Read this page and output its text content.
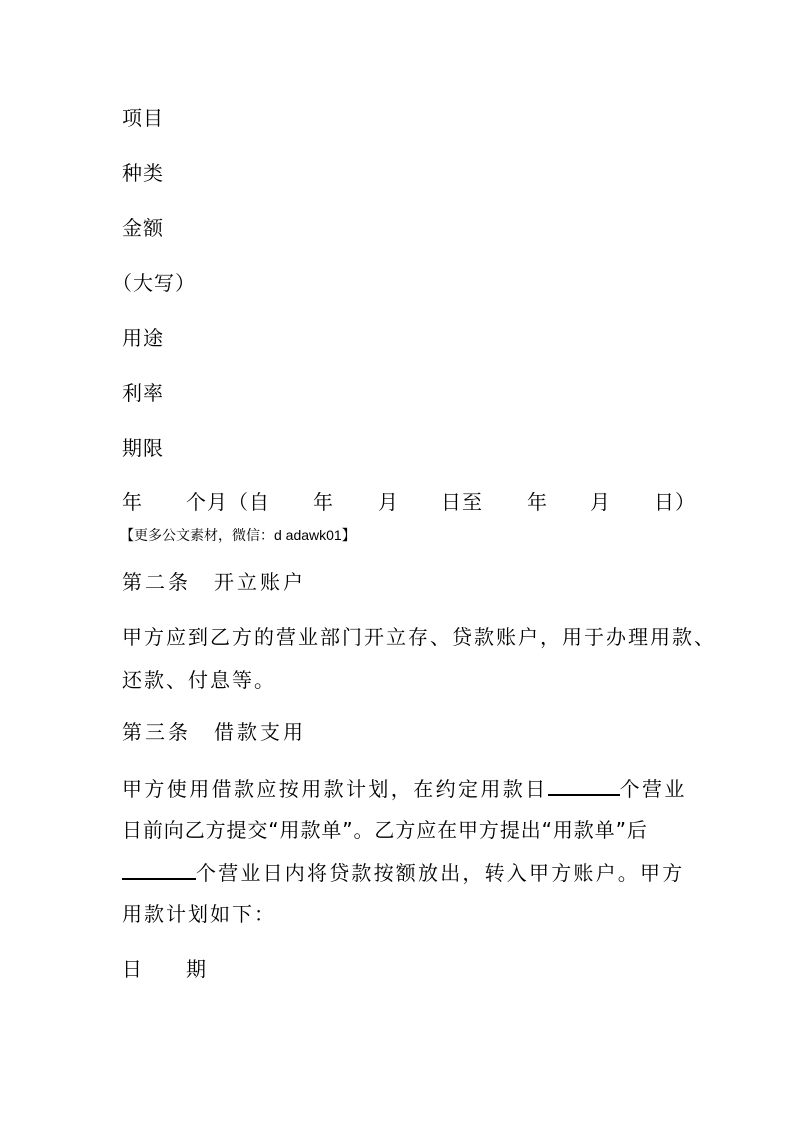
项目
种类
金额
（大写）
用途
利率
期限
年 个月（自 年 月 日至 年 月 日）
【更多公文素材，微信：d adawk01】
第二条　开立账户
甲方应到乙方的营业部门开立存、贷款账户，用于办理用款、
还款、付息等。
第三条　借款支用
甲方使用借款应按用款计划，在约定用款日	个营业
日前向乙方提交“用款单”。乙方应在甲方提出“用款单”后
个营业日内将贷款按额放出，转入甲方账户。甲方
用款计划如下：
日 期
